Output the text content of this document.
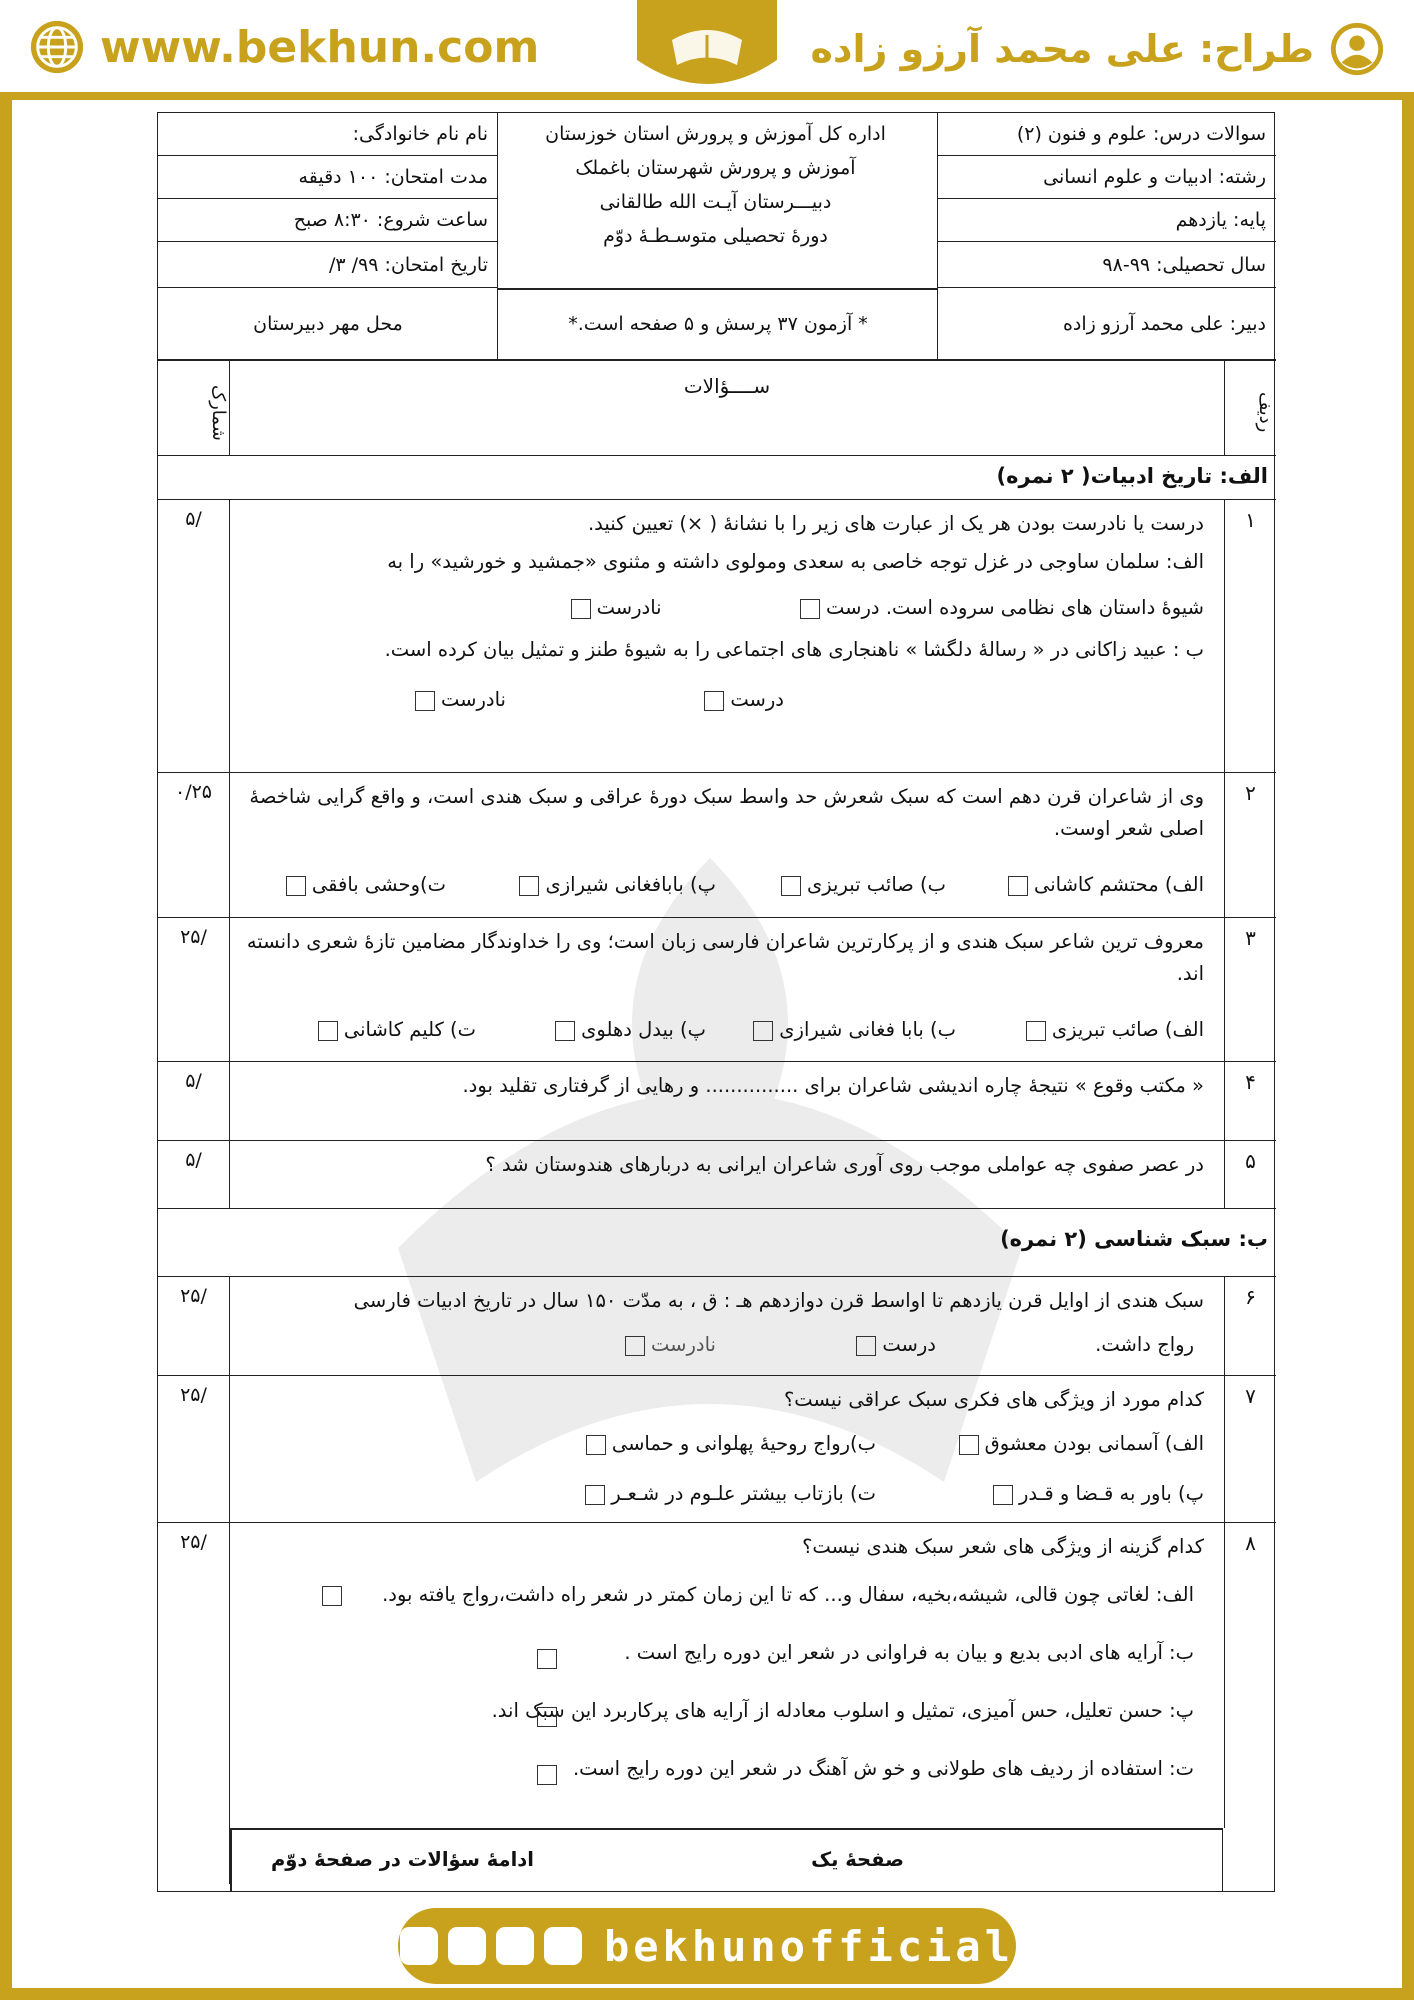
www.bekhun.com	طراح: علی محمد آرزو زاده
سوالات درس: علوم و فنون (۲)
رشته: ادبیات و علوم انسانی
پایه: یازدهم
سال تحصیلی: ۹۹-۹۸
دبیر: علی محمد آرزو زاده
اداره کل آموزش و پرورش استان خوزستان
آموزش و پرورش شهرستان باغملک
دبیـــرستان آیـت الله طالقانی
دورۀ تحصیلی متوسـطـۀ دوّم
* آزمون ۳۷ پرسش و ۵ صفحه است.*
نام نام خانوادگی:
مدت امتحان: ۱۰۰ دقیقه
ساعت شروع: ۸:۳۰ صبح
تاریخ امتحان: ۹۹/ ۳/
محل مهر دبیرستان
ردیف
شمارک	ســــؤالات
الف: تاریخ ادبیات( ۲ نمره)
۱
/۵	درست یا نادرست بودن هر یک از عبارت های زیر را با نشانۀ ( ×) تعیین کنید.
الف: سلمان ساوجی در غزل توجه خاصی به سعدی ومولوی داشته و مثنوی «جمشید و خورشید» را به
شیوۀ داستان های نظامی سروده است. درست  نادرست
ب : عبید زاکانی در « رسالۀ دلگشا » ناهنجاری های اجتماعی را به شیوۀ طنز و تمثیل بیان کرده است.
درست  نادرست
۲
۰/۲۵	وی از شاعران قرن دهم است که سبک شعرش حد واسط سبک دورۀ عراقی و سبک هندی است، و واقع گرایی شاخصۀ اصلی شعر اوست.
الف) محتشم کاشانی
ب) صائب تبریزی
پ) بابافغانی شیرازی
ت)وحشی بافقی
۳
/۲۵	معروف ترین شاعر سبک هندی و از پرکارترین شاعران فارسی زبان است؛ وی را خداوندگار مضامین تازۀ شعری دانسته اند.
الف) صائب تبریزی
ب) بابا فغانی شیرازی
پ) بیدل دهلوی
ت) کلیم کاشانی
۴
/۵	« مکتب وقوع » نتیجۀ چاره اندیشی شاعران برای ............... و رهایی از گرفتاری تقلید بود.
۵
/۵	در عصر صفوی چه عواملی موجب روی آوری شاعران ایرانی به دربارهای هندوستان شد ؟
ب: سبک شناسی (۲ نمره)
۶
/۲۵	سبک هندی از اوایل قرن یازدهم تا اواسط قرن دوازدهم هـ : ق ، به مدّت ۱۵۰ سال در تاریخ ادبیات فارسی
رواج داشت.
درست
نادرست
۷
/۲۵	کدام مورد از ویژگی های فکری سبک عراقی نیست؟
الف) آسمانی بودن معشوق
ب)رواج روحیۀ پهلوانی و حماسی
پ) باور به قـضا و قـدر
ت) بازتاب بیشتر علـوم در شـعـر
۸
/۲۵	کدام گزینه از ویژگی های شعر سبک هندی نیست؟
الف: لغاتی چون قالی، شیشه،بخیه، سفال و... که تا این زمان کمتر در شعر راه داشت،رواج یافته بود.
ب: آرایه های ادبی بدیع و بیان به فراوانی در شعر این دوره رایج است .
پ: حسن تعلیل، حس آمیزی، تمثیل و اسلوب معادله از آرایه های پرکاربرد این سبک اند.
ت: استفاده از ردیف های طولانی و خو ش آهنگ در شعر این دوره رایج است.
صفحۀ یک
ادامۀ سؤالات در صفحۀ دوّم
bekhunofficial
